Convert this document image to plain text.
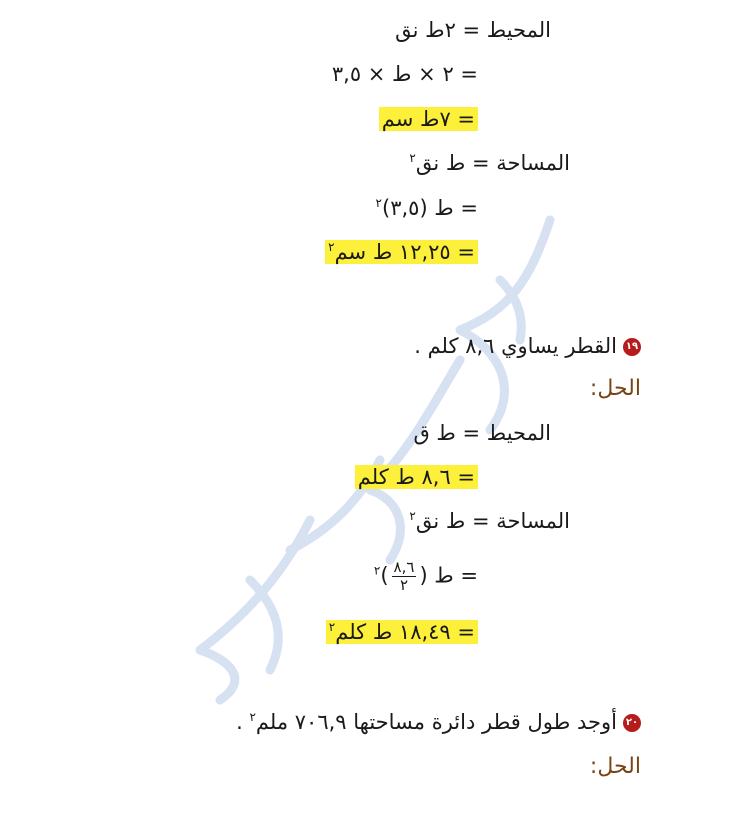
المحيط = ٢ط نق
= ٢ × ط × ٣,٥
= ٧ط سم
المساحة = ط نق$^٢$
= ط (٣,٥)$^٢$
= ١٢,٢٥ ط سم$^٢$
١٩القطر يساوي ٨,٦ كلم .
الحل:
المحيط = ط ق
= ٨,٦ ط كلم
المساحة = ط نق$^٢$
= ط (
$\frac{٨,٦}{٢}$
)$^٢$
= ١٨,٤٩ ط كلم$^٢$
٢٠أوجد طول قطر دائرة مساحتها ٧٠٦,٩ ملم$^٢$ .
الحل:
